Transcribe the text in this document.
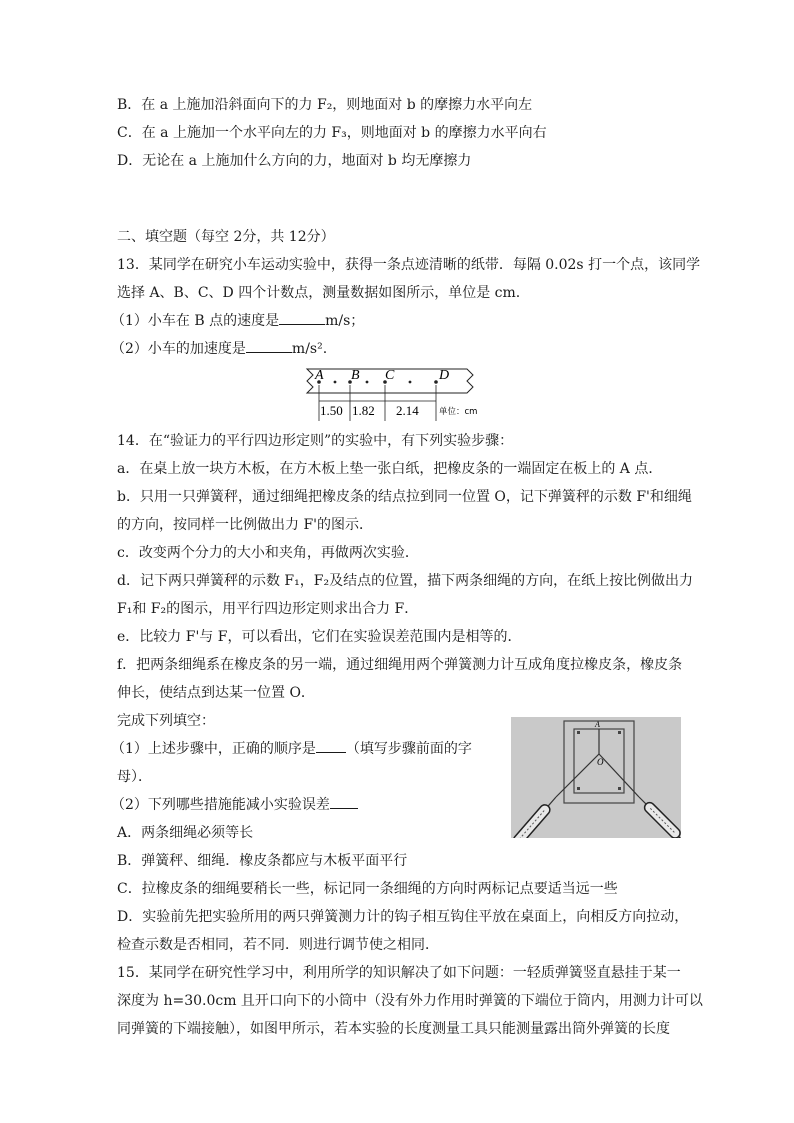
B．在 a 上施加沿斜面向下的力 F₂，则地面对 b 的摩擦力水平向左
C．在 a 上施加一个水平向左的力 F₃，则地面对 b 的摩擦力水平向右
D．无论在 a 上施加什么方向的力，地面对 b 均无摩擦力
二、填空题（每空 2分，共 12分）
13．某同学在研究小车运动实验中，获得一条点迹清晰的纸带．每隔 0.02s 打一个点，该同学
选择 A、B、C、D 四个计数点，测量数据如图所示，单位是 cm.
（1）小车在 B 点的速度是	m/s；
（2）小车的加速度是	m/s².
A B C	D
1.50 1.82 2.14 单位：cm
14．在“验证力的平行四边形定则”的实验中，有下列实验步骤：
a．在桌上放一块方木板，在方木板上垫一张白纸，把橡皮条的一端固定在板上的 A 点．
b．只用一只弹簧秤，通过细绳把橡皮条的结点拉到同一位置 O，记下弹簧秤的示数 F'和细绳
的方向，按同样一比例做出力 F'的图示．
c．改变两个分力的大小和夹角，再做两次实验．
d．记下两只弹簧秤的示数 F₁，F₂及结点的位置，描下两条细绳的方向，在纸上按比例做出力
F₁和 F₂的图示，用平行四边形定则求出合力 F．
e．比较力 F'与 F，可以看出，它们在实验误差范围内是相等的．
f．把两条细绳系在橡皮条的另一端，通过细绳用两个弹簧测力计互成角度拉橡皮条，橡皮条
伸长，使结点到达某一位置 O．
完成下列填空：
（1）上述步骤中，正确的顺序是 （填写步骤前面的字
母）．
（2）下列哪些措施能减小实验误差
A．两条细绳必须等长
B．弹簧秤、细绳．橡皮条都应与木板平面平行
C．拉橡皮条的细绳要稍长一些，标记同一条细绳的方向时两标记点要适当远一些
D．实验前先把实验所用的两只弹簧测力计的钩子相互钩住平放在桌面上，向相反方向拉动，
检查示数是否相同，若不同．则进行调节使之相同．
15．某同学在研究性学习中，利用所学的知识解决了如下问题：一轻质弹簧竖直悬挂于某一
深度为 h=30.0cm 且开口向下的小筒中（没有外力作用时弹簧的下端位于筒内，用测力计可以
同弹簧的下端接触），如图甲所示，若本实验的长度测量工具只能测量露出筒外弹簧的长度
A
O
